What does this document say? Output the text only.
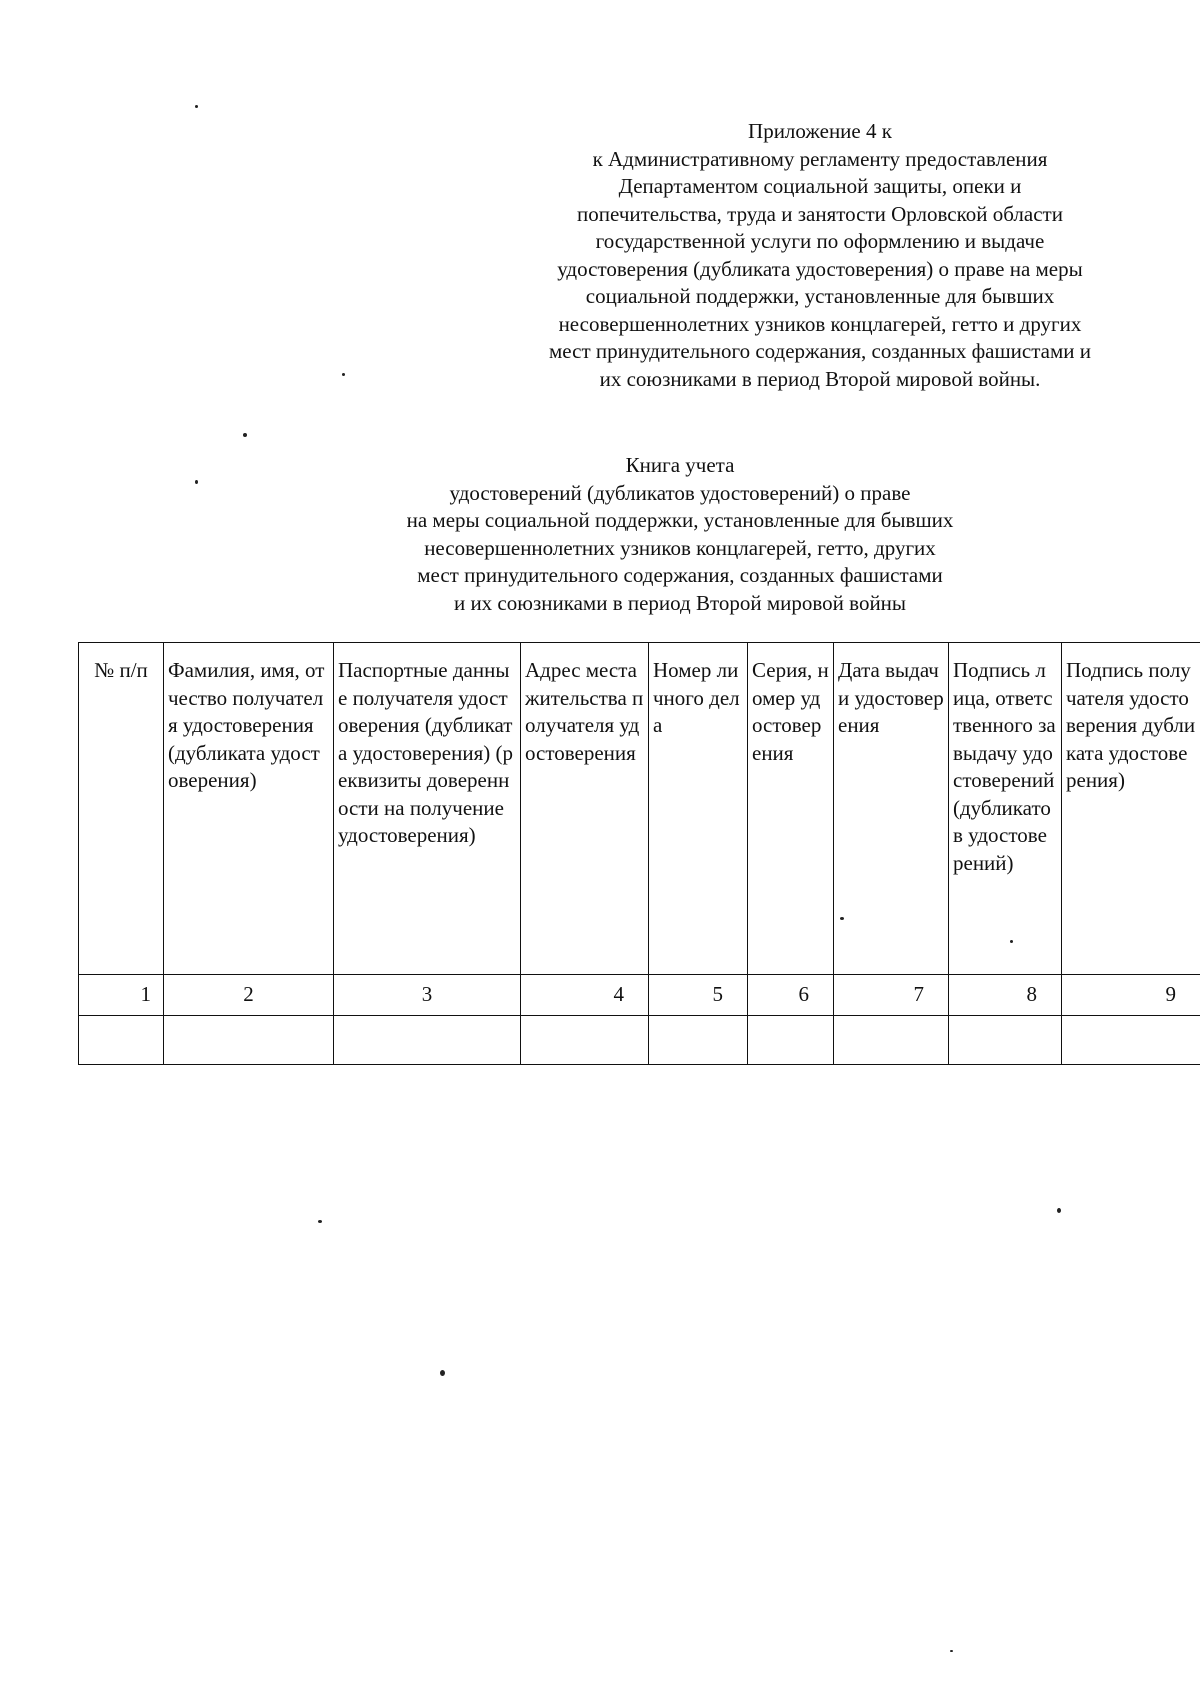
Приложение 4 к
к Административному регламенту предоставления
Департаментом социальной защиты, опеки и
попечительства, труда и занятости Орловской области
государственной услуги по оформлению и выдаче
удостоверения (дубликата удостоверения) о праве на меры
социальной поддержки, установленные для бывших
несовершеннолетних узников концлагерей, гетто и других
мест принудительного содержания, созданных фашистами и
их союзниками в период Второй мировой войны.
Книга учета
удостоверений (дубликатов удостоверений) о праве
на меры социальной поддержки, установленные для бывших
несовершеннолетних узников концлагерей, гетто, других
мест принудительного содержания, созданных фашистами
и их союзниками в период Второй мировой войны
№ п/п	Фамилия, имя, отчество получателя удостоверения (дубликата удостоверения)	Паспортные данные получателя удостоверения (дубликата удостоверения) (реквизиты доверенности на получение удостоверения)	Адрес места жительства получателя удостоверения	Номер личного дела	Серия, номер удостоверения	Дата выдачи удостоверения	Подпись лица, ответственного за выдачу удостоверений (дубликатов удостоверений)	Подпись получателя удостоверения дубликата удостоверения)
1	2	3	4	5	6	7	8	9
